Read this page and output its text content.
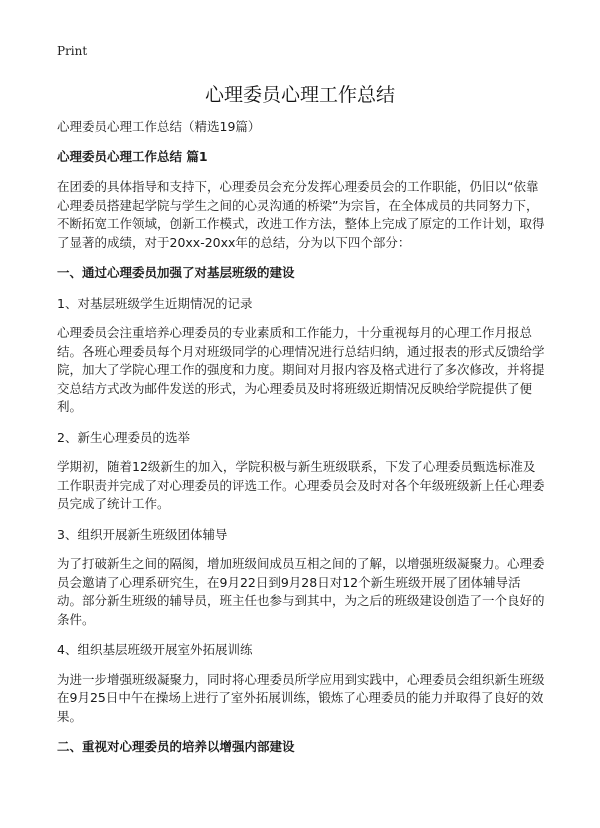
Print
心理委员心理工作总结

心理委员心理工作总结（精选19篇）

心理委员心理工作总结 篇1

在团委的具体指导和支持下，心理委员会充分发挥心理委员会的工作职能，仍旧以“依靠心理委员搭建起学院与学生之间的心灵沟通的桥梁”为宗旨，在全体成员的共同努力下，不断拓宽工作领域，创新工作模式，改进工作方法，整体上完成了原定的工作计划，取得了显著的成绩，对于20xx-20xx年的总结，分为以下四个部分：

一、通过心理委员加强了对基层班级的建设

1、对基层班级学生近期情况的记录

心理委员会注重培养心理委员的专业素质和工作能力，十分重视每月的心理工作月报总结。各班心理委员每个月对班级同学的心理情况进行总结归纳，通过报表的形式反馈给学院，加大了学院心理工作的强度和力度。期间对月报内容及格式进行了多次修改，并将提交总结方式改为邮件发送的形式，为心理委员及时将班级近期情况反映给学院提供了便利。

2、新生心理委员的选举

学期初，随着12级新生的加入，学院积极与新生班级联系，下发了心理委员甄选标准及工作职责并完成了对心理委员的评选工作。心理委员会及时对各个年级班级新上任心理委员完成了统计工作。

3、组织开展新生班级团体辅导

为了打破新生之间的隔阂，增加班级间成员互相之间的了解，以增强班级凝聚力。心理委员会邀请了心理系研究生，在9月22日到9月28日对12个新生班级开展了团体辅导活动。部分新生班级的辅导员，班主任也参与到其中，为之后的班级建设创造了一个良好的条件。

4、组织基层班级开展室外拓展训练

为进一步增强班级凝聚力，同时将心理委员所学应用到实践中，心理委员会组织新生班级在9月25日中午在操场上进行了室外拓展训练，锻炼了心理委员的能力并取得了良好的效果。

二、重视对心理委员的培养以增强内部建设
